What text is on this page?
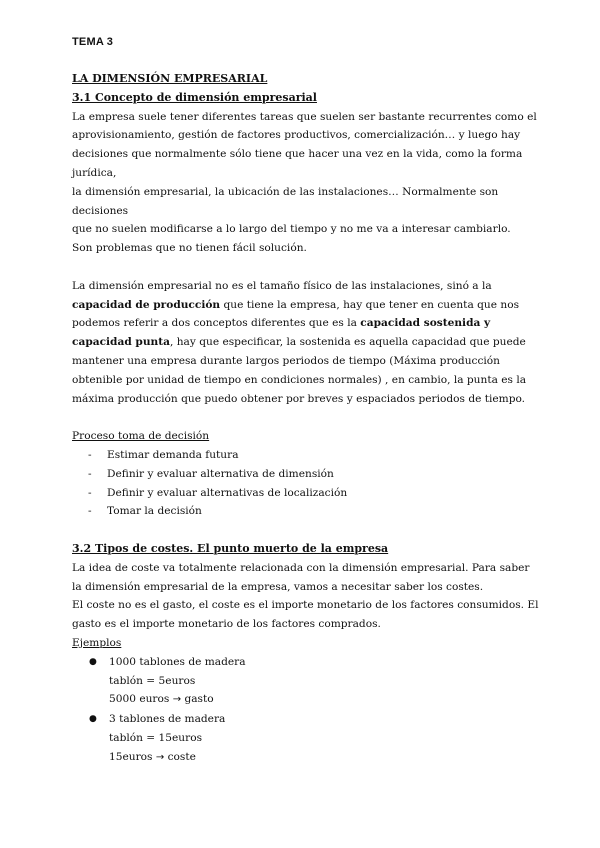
TEMA 3

LA DIMENSIÓN EMPRESARIAL

3.1 Concepto de dimensión empresarial

La empresa suele tener diferentes tareas que suelen ser bastante recurrentes como el
aprovisionamiento, gestión de factores productivos, comercialización… y luego hay
decisiones que normalmente sólo tiene que hacer una vez en la vida, como la forma jurídica,
la dimensión empresarial, la ubicación de las instalaciones… Normalmente son decisiones
que no suelen modificarse a lo largo del tiempo y no me va a interesar cambiarlo.
Son problemas que no tienen fácil solución.

La dimensión empresarial no es el tamaño físico de las instalaciones, sinó a la capacidad de producción que tiene la empresa, hay que tener en cuenta que nos podemos referir a dos conceptos diferentes que es la capacidad sostenida y capacidad punta, hay que especificar, la sostenida es aquella capacidad que puede mantener una empresa durante largos periodos de tiempo (Máxima producción obtenible por unidad de tiempo en condiciones normales) , en cambio, la punta es la máxima producción que puedo obtener por breves y espaciados periodos de tiempo.

Proceso toma de decisión

- Estimar demanda futura
- Definir y evaluar alternativa de dimensión
- Definir y evaluar alternativas de localización
- Tomar la decisión

3.2 Tipos de costes. El punto muerto de la empresa

La idea de coste va totalmente relacionada con la dimensión empresarial. Para saber la dimensión empresarial de la empresa, vamos a necesitar saber los costes.

El coste no es el gasto, el coste es el importe monetario de los factores consumidos. El gasto es el importe monetario de los factores comprados.

Ejemplos

● 1000 tablones de madera
tablón = 5euros
5000 euros → gasto
● 3 tablones de madera
tablón = 15euros
15euros → coste
